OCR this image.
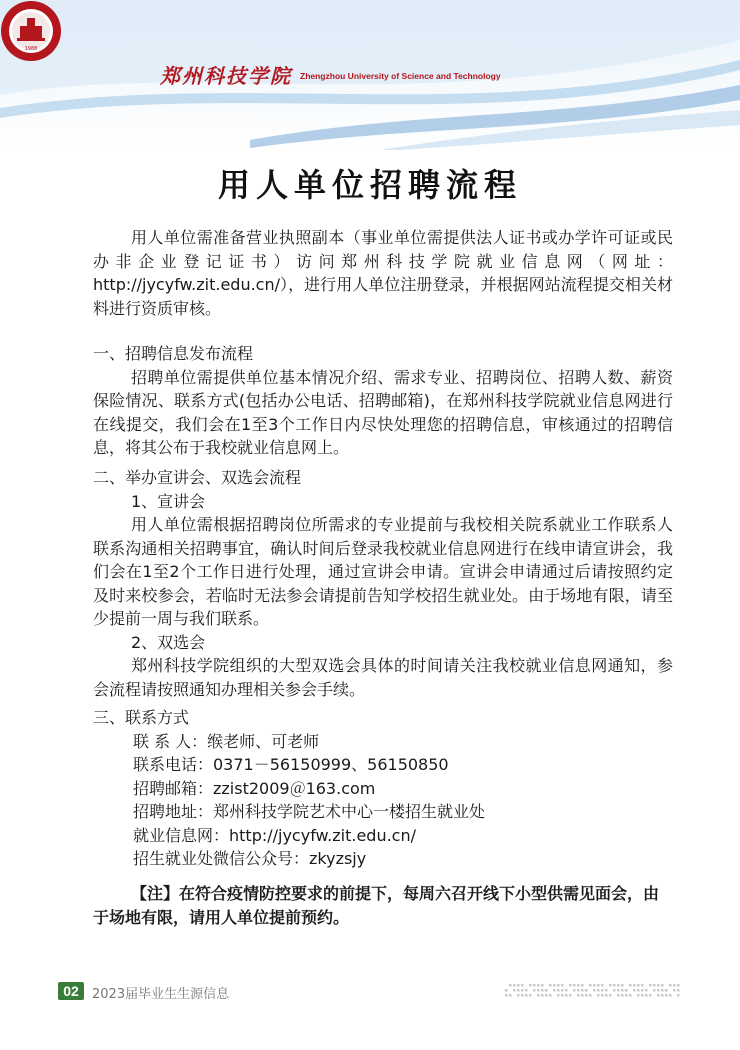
1988
郑州科技学院 Zhengzhou University of Science and Technology
用人单位招聘流程

用人单位需准备营业执照副本（事业单位需提供法人证书或办学许可证或民办非企业登记证书）访问郑州科技学院就业信息网（网址：http://jycyfw.zit.edu.cn/），进行用人单位注册登录，并根据网站流程提交相关材料进行资质审核。

一、招聘信息发布流程

招聘单位需提供单位基本情况介绍、需求专业、招聘岗位、招聘人数、薪资保险情况、联系方式(包括办公电话、招聘邮箱)，在郑州科技学院就业信息网进行在线提交，我们会在1至3个工作日内尽快处理您的招聘信息，审核通过的招聘信息，将其公布于我校就业信息网上。

二、举办宣讲会、双选会流程

1、宣讲会

用人单位需根据招聘岗位所需求的专业提前与我校相关院系就业工作联系人联系沟通相关招聘事宜，确认时间后登录我校就业信息网进行在线申请宣讲会，我们会在1至2个工作日进行处理，通过宣讲会申请。宣讲会申请通过后请按照约定及时来校参会，若临时无法参会请提前告知学校招生就业处。由于场地有限，请至少提前一周与我们联系。

2、双选会

郑州科技学院组织的大型双选会具体的时间请关注我校就业信息网通知，参会流程请按照通知办理相关参会手续。

三、联系方式

联 系 人：缑老师、可老师

联系电话：0371－56150999、56150850

招聘邮箱：zzist2009＠163.com

招聘地址：郑州科技学院艺术中心一楼招生就业处

就业信息网：http://jycyfw.zit.edu.cn/

招生就业处微信公众号：zkyzsjy

【注】在符合疫情防控要求的前提下，每周六召开线下小型供需见面会，由于场地有限，请用人单位提前预约。

02	2023届毕业生生源信息
